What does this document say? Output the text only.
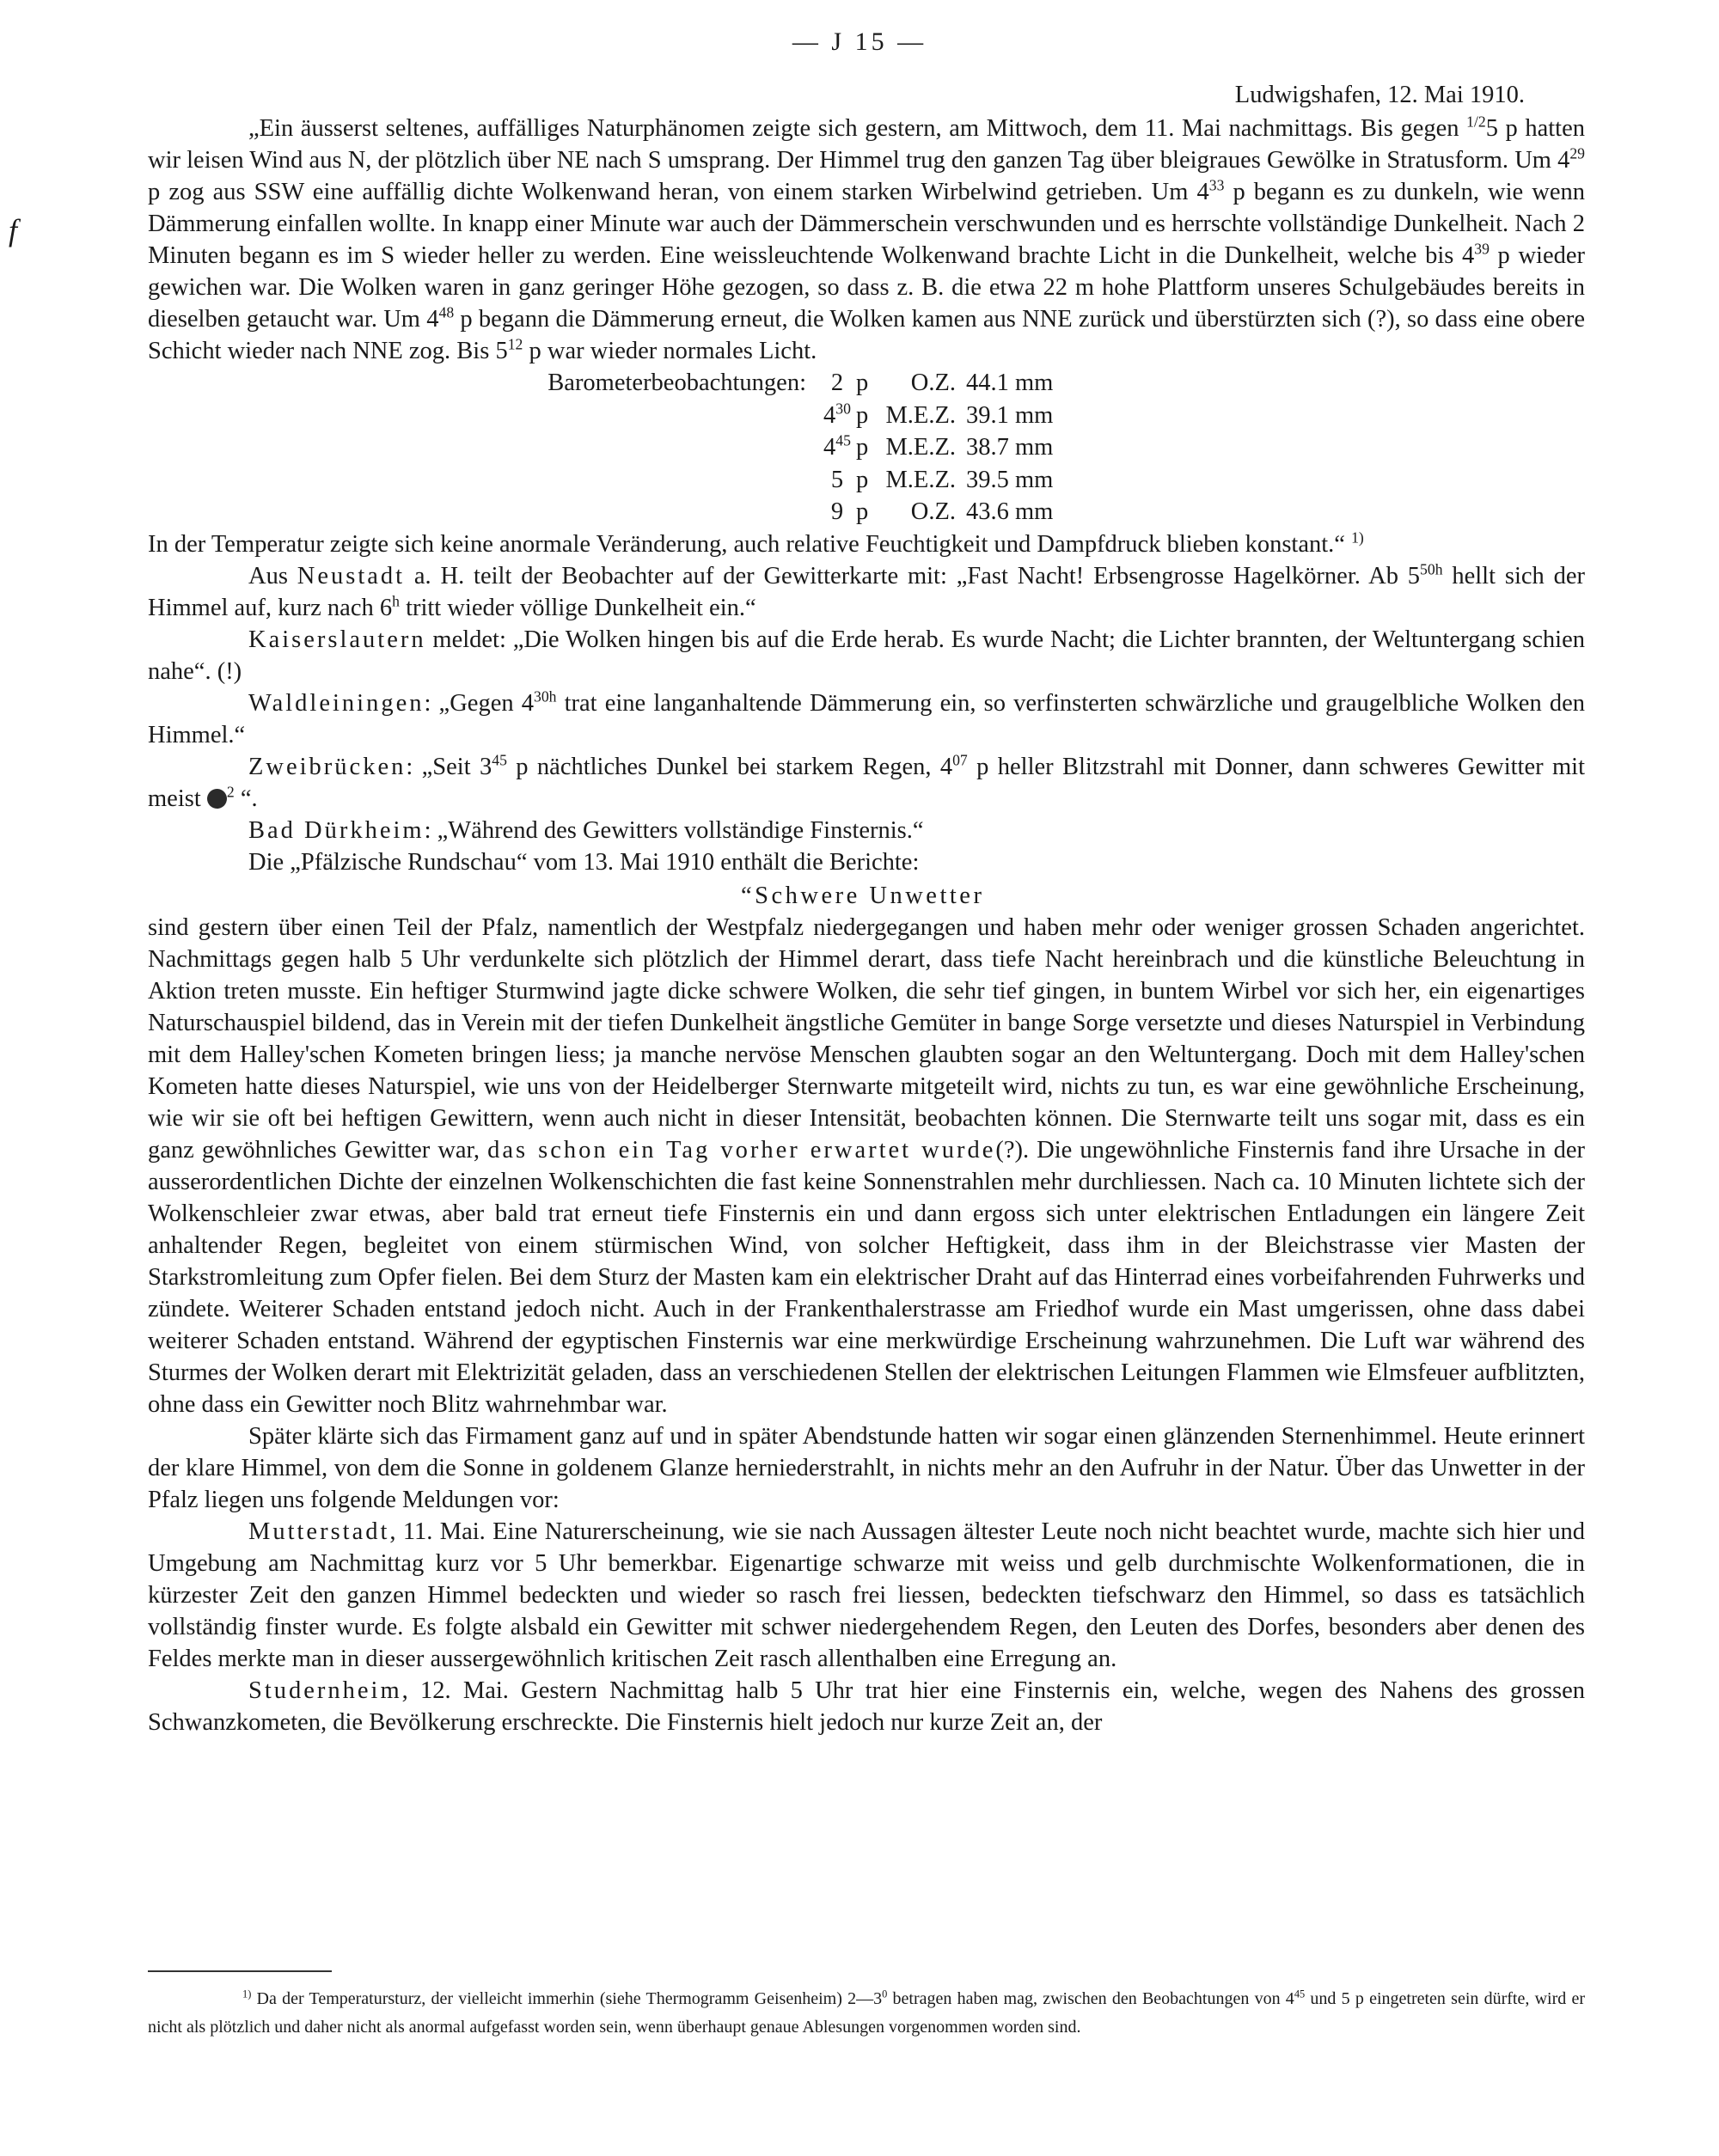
— J 15 —
f
Ludwigshafen, 12. Mai 1910.

„Ein äusserst seltenes, auffälliges Naturphänomen zeigte sich gestern, am Mittwoch, dem 11. Mai nachmittags. Bis gegen $^{1/2}$5 p hatten wir leisen Wind aus N, der plötzlich über NE nach S umsprang. Der Himmel trug den ganzen Tag über bleigraues Gewölke in Stratusform. Um $4^{29}$ p zog aus SSW eine auffällig dichte Wolkenwand heran, von einem starken Wirbelwind getrieben. Um $4^{33}$ p begann es zu dunkeln, wie wenn Dämmerung einfallen wollte. In knapp einer Minute war auch der Dämmerschein verschwunden und es herrschte vollständige Dunkelheit. Nach 2 Minuten begann es im S wieder heller zu werden. Eine weissleuchtende Wolkenwand brachte Licht in die Dunkelheit, welche bis $4^{39}$ p wieder gewichen war. Die Wolken waren in ganz geringer Höhe gezogen, so dass z. B. die etwa 22 m hohe Plattform unseres Schulgebäudes bereits in dieselben getaucht war. Um $4^{48}$ p begann die Dämmerung erneut, die Wolken kamen aus NNE zurück und überstürzten sich (?), so dass eine obere Schicht wieder nach NNE zog. Bis $5^{12}$ p war wieder normales Licht.

Barometerbeobachtungen:	2 p	O.Z. 44.1 mm
$4^{30}$ p M.E.Z. 39.1 mm
$4^{45}$ p M.E.Z. 38.7 mm
5 p M.E.Z. 39.5 mm
9 p	O.Z. 43.6 mm

In der Temperatur zeigte sich keine anormale Veränderung, auch relative Feuchtigkeit und Dampfdruck blieben konstant.“ $^{1)}$

Aus Neustadt a. H. teilt der Beobachter auf der Gewitterkarte mit: „Fast Nacht! Erbsengrosse Hagelkörner. Ab $5^{50h}$ hellt sich der Himmel auf, kurz nach 6$^h$ tritt wieder völlige Dunkelheit ein.“

Kaiserslautern meldet: „Die Wolken hingen bis auf die Erde herab. Es wurde Nacht; die Lichter brannten, der Weltuntergang schien nahe“. (!)

Waldleiningen: „Gegen $4^{30h}$ trat eine langanhaltende Dämmerung ein, so verfinsterten schwärzliche und graugelbliche Wolken den Himmel.“

Zweibrücken: „Seit $3^{45}$ p nächtliches Dunkel bei starkem Regen, $4^{07}$ p heller Blitzstrahl mit Donner, dann schweres Gewitter mit meist $^2$ “.

Bad Dürkheim: „Während des Gewitters vollständige Finsternis.“

Die „Pfälzische Rundschau“ vom 13. Mai 1910 enthält die Berichte:

“Schwere Unwetter

sind gestern über einen Teil der Pfalz, namentlich der Westpfalz niedergegangen und haben mehr oder weniger grossen Schaden angerichtet. Nachmittags gegen halb 5 Uhr verdunkelte sich plötzlich der Himmel derart, dass tiefe Nacht hereinbrach und die künstliche Beleuchtung in Aktion treten musste. Ein heftiger Sturmwind jagte dicke schwere Wolken, die sehr tief gingen, in buntem Wirbel vor sich her, ein eigenartiges Naturschauspiel bildend, das in Verein mit der tiefen Dunkelheit ängstliche Gemüter in bange Sorge versetzte und dieses Naturspiel in Verbindung mit dem Halley'schen Kometen bringen liess; ja manche nervöse Menschen glaubten sogar an den Weltuntergang. Doch mit dem Halley'schen Kometen hatte dieses Naturspiel, wie uns von der Heidelberger Sternwarte mitgeteilt wird, nichts zu tun, es war eine gewöhnliche Erscheinung, wie wir sie oft bei heftigen Gewittern, wenn auch nicht in dieser Intensität, beobachten können. Die Sternwarte teilt uns sogar mit, dass es ein ganz gewöhnliches Gewitter war, das schon ein Tag vorher erwartet wurde(?). Die ungewöhnliche Finsternis fand ihre Ursache in der ausserordentlichen Dichte der einzelnen Wolkenschichten die fast keine Sonnenstrahlen mehr durchliessen. Nach ca. 10 Minuten lichtete sich der Wolkenschleier zwar etwas, aber bald trat erneut tiefe Finsternis ein und dann ergoss sich unter elektrischen Entladungen ein längere Zeit anhaltender Regen, begleitet von einem stürmischen Wind, von solcher Heftigkeit, dass ihm in der Bleichstrasse vier Masten der Starkstromleitung zum Opfer fielen. Bei dem Sturz der Masten kam ein elektrischer Draht auf das Hinterrad eines vorbeifahrenden Fuhrwerks und zündete. Weiterer Schaden entstand jedoch nicht. Auch in der Frankenthalerstrasse am Friedhof wurde ein Mast umgerissen, ohne dass dabei weiterer Schaden entstand. Während der egyptischen Finsternis war eine merkwürdige Erscheinung wahrzunehmen. Die Luft war während des Sturmes der Wolken derart mit Elektrizität geladen, dass an verschiedenen Stellen der elektrischen Leitungen Flammen wie Elmsfeuer aufblitzten, ohne dass ein Gewitter noch Blitz wahrnehmbar war.

Später klärte sich das Firmament ganz auf und in später Abendstunde hatten wir sogar einen glänzenden Sternenhimmel. Heute erinnert der klare Himmel, von dem die Sonne in goldenem Glanze herniederstrahlt, in nichts mehr an den Aufruhr in der Natur. Über das Unwetter in der Pfalz liegen uns folgende Meldungen vor:

Mutterstadt, 11. Mai. Eine Naturerscheinung, wie sie nach Aussagen ältester Leute noch nicht beachtet wurde, machte sich hier und Umgebung am Nachmittag kurz vor 5 Uhr bemerkbar. Eigenartige schwarze mit weiss und gelb durchmischte Wolkenformationen, die in kürzester Zeit den ganzen Himmel bedeckten und wieder so rasch frei liessen, bedeckten tiefschwarz den Himmel, so dass es tatsächlich vollständig finster wurde. Es folgte alsbald ein Gewitter mit schwer niedergehendem Regen, den Leuten des Dorfes, besonders aber denen des Feldes merkte man in dieser aussergewöhnlich kritischen Zeit rasch allenthalben eine Erregung an.

Studernheim, 12. Mai. Gestern Nachmittag halb 5 Uhr trat hier eine Finsternis ein, welche, wegen des Nahens des grossen Schwanzkometen, die Bevölkerung erschreckte. Die Finsternis hielt jedoch nur kurze Zeit an, der

$^{1)}$ Da der Temperatursturz, der vielleicht immerhin (siehe Thermogramm Geisenheim) $2—3^0$ betragen haben mag, zwischen den Beobachtungen von $4^{45}$ und 5 p eingetreten sein dürfte, wird er nicht als plötzlich und daher nicht als anormal aufgefasst worden sein, wenn überhaupt genaue Ablesungen vorgenommen worden sind.
